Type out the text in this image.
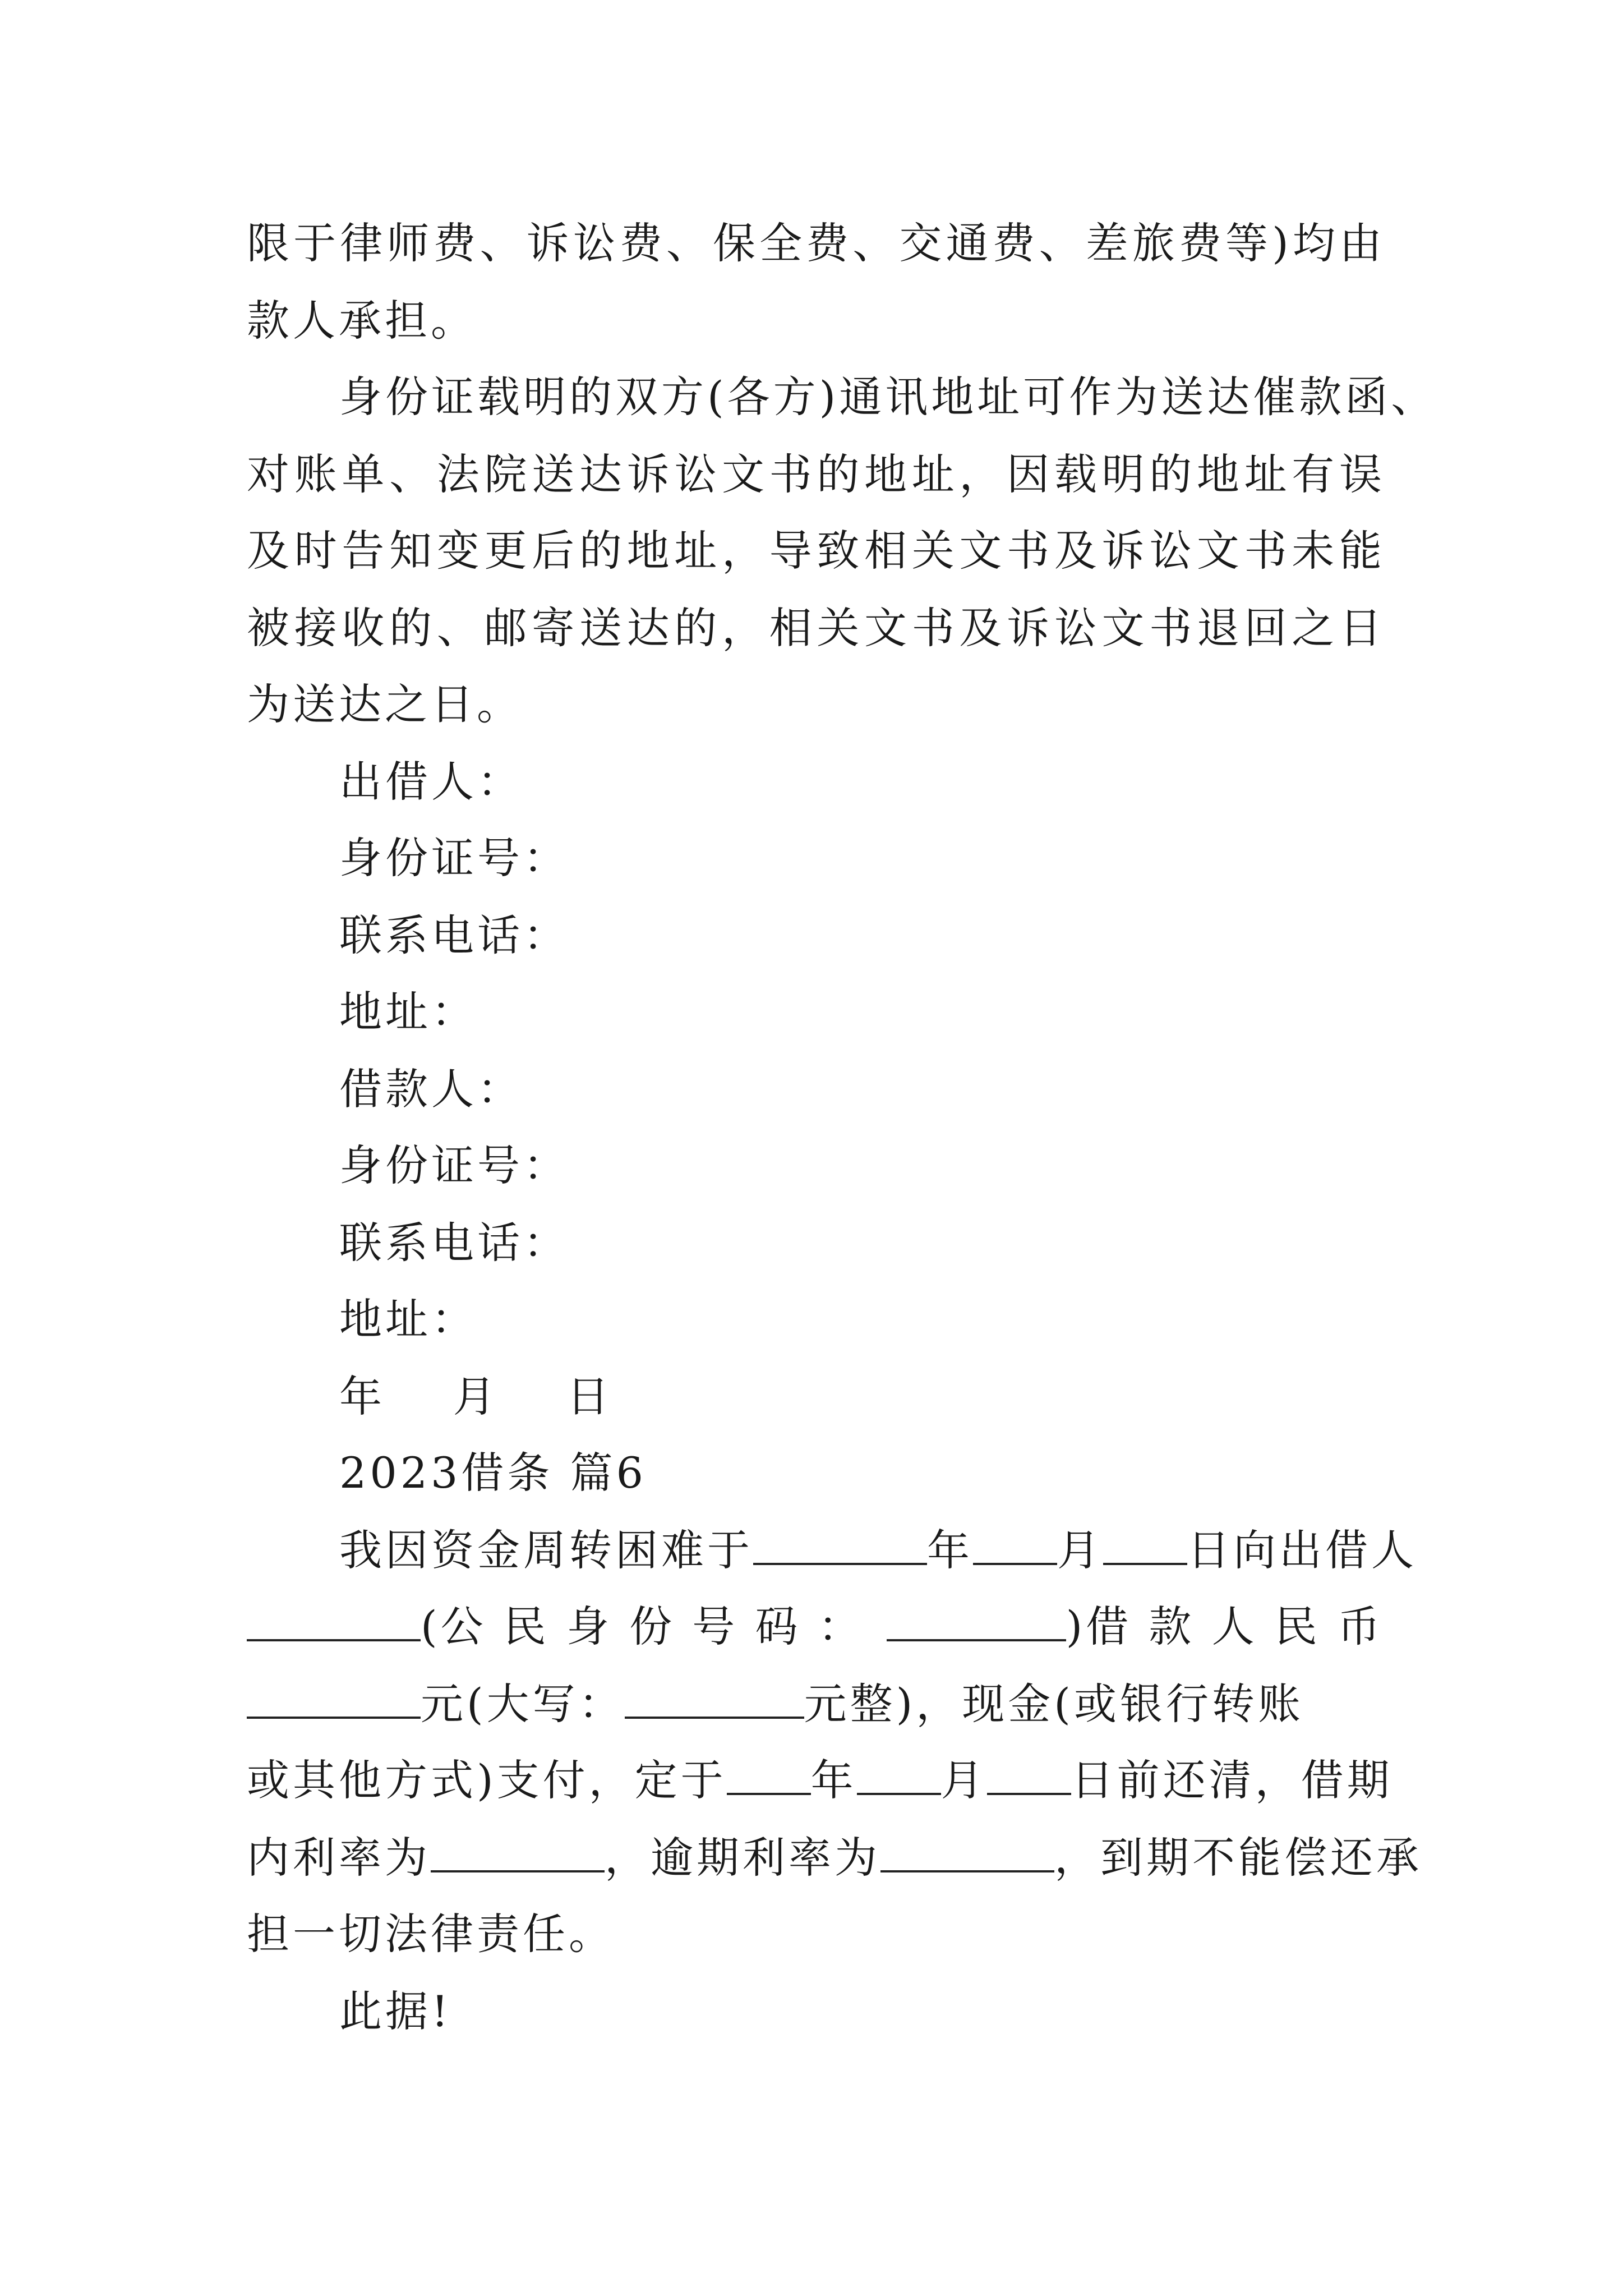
限于律师费、诉讼费、保全费、交通费、差旅费等)均由
款人承担。
身份证载明的双方(各方)通讯地址可作为送达催款函、
对账单、法院送达诉讼文书的地址，因载明的地址有误
及时告知变更后的地址，导致相关文书及诉讼文书未能
被接收的、邮寄送达的，相关文书及诉讼文书退回之日
为送达之日。
出借人：
身份证号：
联系电话：
地址：
借款人：
身份证号：
联系电话：
地址：
年    月    日
2023借条 篇6
我因资金周转困难于	年 月 日向出借人
(公 民 身 份 号 码 ：	)借 款 人 民 币
元(大写：	元整)，现金(或银行转账
或其他方式)支付，定于 年 月 日前还清，借期
内利率为	，逾期利率为	，到期不能偿还承
担一切法律责任。
此据!
